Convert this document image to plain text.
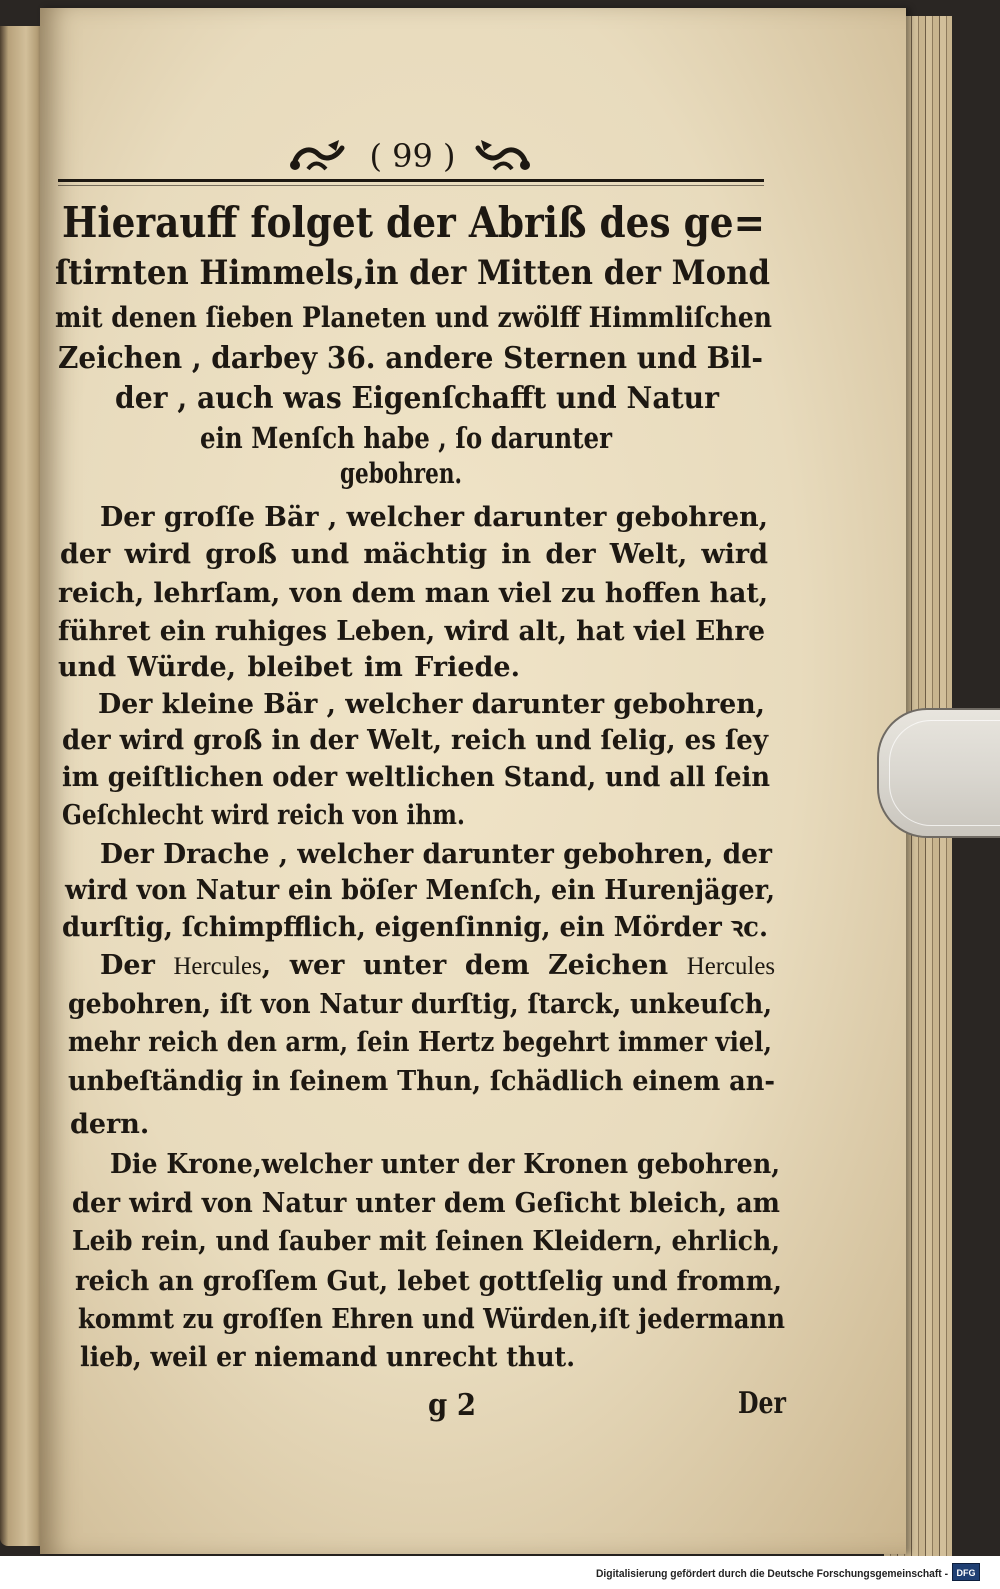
( 99 )
Hierauff folget der Abriß des ge=
ſtirnten Himmels,in der Mitten der Mond
mit denen ſieben Planeten und zwölff Himmliſchen
Zeichen , darbey 36. andere Sternen und Bil-
der , auch was Eigenſchafft und Natur
ein Menſch habe , ſo darunter
gebohren.
Der groſſe Bär , welcher darunter gebohren,
der wird groß und mächtig in der Welt, wird
reich, lehrſam, von dem man viel zu hoffen hat,
führet ein ruhiges Leben, wird alt, hat viel Ehre
und Würde, bleibet im Friede.
Der kleine Bär , welcher darunter gebohren,
der wird groß in der Welt, reich und ſelig, es ſey
im geiſtlichen oder weltlichen Stand, und all ſein
Geſchlecht wird reich von ihm.
Der Drache , welcher darunter gebohren, der
wird von Natur ein böſer Menſch, ein Hurenjäger,
durſtig, ſchimpfflich, eigenſinnig, ein Mörder ꝛc.
Der Hercules, wer unter dem Zeichen Hercules
gebohren, iſt von Natur durſtig, ſtarck, unkeuſch,
mehr reich den arm, ſein Hertz begehrt immer viel,
unbeſtändig in ſeinem Thun, ſchädlich einem an-
dern.
Die Krone,welcher unter der Kronen gebohren,
der wird von Natur unter dem Geſicht bleich, am
Leib rein, und ſauber mit ſeinen Kleidern, ehrlich,
reich an groſſem Gut, lebet gottſelig und fromm,
kommt zu groſſen Ehren und Würden,iſt jedermann
lieb, weil er niemand unrecht thut.
g 2	Der
Digitalisierung gefördert durch die Deutsche Forschungsgemeinschaft - DFG
